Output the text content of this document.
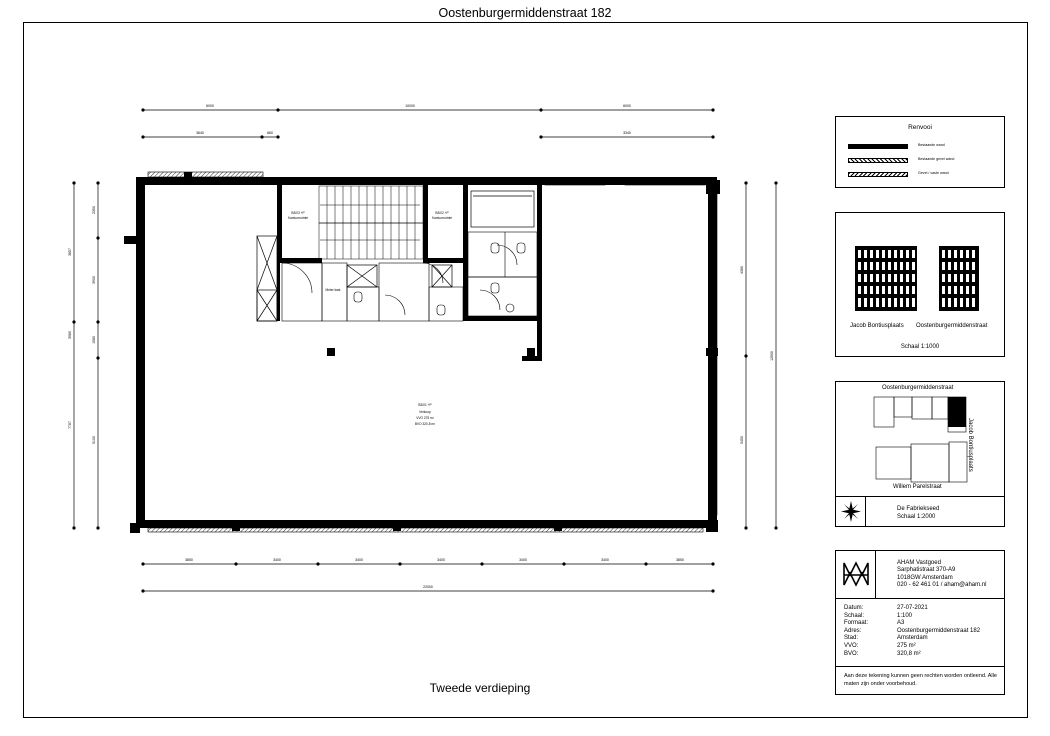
Oostenburgermiddenstraat 182
6000	10000	6000
3640	660	3340
3850	3400	3400	3400	3400	3400	3850
22000
3857
3980
7787
2350
3900
1580
5100
4380
5450
12500
B3/03 +P
Kantoorruimte
B3/02 +P
Kantoorruimte
Meter kast
B3/01 +P
Verkoop
VVO 275 m²
BVO 320,8 m²
Tweede verdieping
Renvooi
Bestaande wand
Bestaande gevel wand
Gevel / vaste wand
Jacob Bontiusplaats Oostenburgermiddenstraat
Schaal 1:1000
Oostenburgermiddenstraat
Jacob Bontiusplaats
Willem Parelstraat
De Fabriekseed
Schaal 1:2000
AHAM Vastgoed
Sarphatistraat 370-A9
1018GW Amsterdam
020 - 62 461 01 / aham@aham.nl
Datum:	27-07-2021
Schaal:	1:100
Formaat:	A3
Adres:	Oostenburgermiddenstraat 182
Stad:	Amsterdam
VVO:	275 m²
BVO:	320,8 m²
Aan deze tekening kunnen geen rechten worden ontleend. Alle maten zijn onder voorbehoud.
